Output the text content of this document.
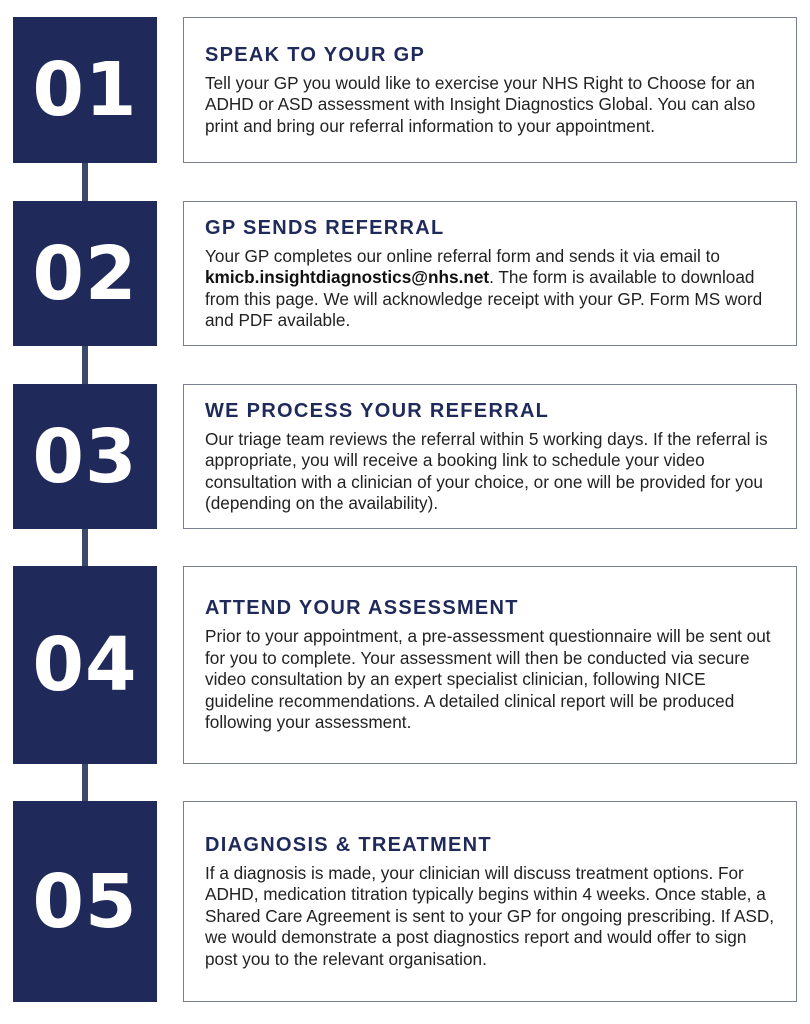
01	SPEAK TO YOUR GP

Tell your GP you would like to exercise your NHS Right to Choose for an ADHD or ASD assessment with Insight Diagnostics Global. You can also print and bring our referral information to your appointment.

02
GP SENDS REFERRAL

Your GP completes our online referral form and sends it via email to kmicb.insightdiagnostics@nhs.net. The form is available to download from this page. We will acknowledge receipt with your GP. Form MS word and PDF available.

03
WE PROCESS YOUR REFERRAL

Our triage team reviews the referral within 5 working days. If the referral is appropriate, you will receive a booking link to schedule your video consultation with a clinician of your choice, or one will be provided for you (depending on the availability).

04
ATTEND YOUR ASSESSMENT

Prior to your appointment, a pre-assessment questionnaire will be sent out for you to complete. Your assessment will then be conducted via secure video consultation by an expert specialist clinician, following NICE guideline recommendations. A detailed clinical report will be produced following your assessment.

05
DIAGNOSIS & TREATMENT

If a diagnosis is made, your clinician will discuss treatment options. For ADHD, medication titration typically begins within 4 weeks. Once stable, a Shared Care Agreement is sent to your GP for ongoing prescribing. If ASD, we would demonstrate a post diagnostics report and would offer to sign post you to the relevant organisation.
